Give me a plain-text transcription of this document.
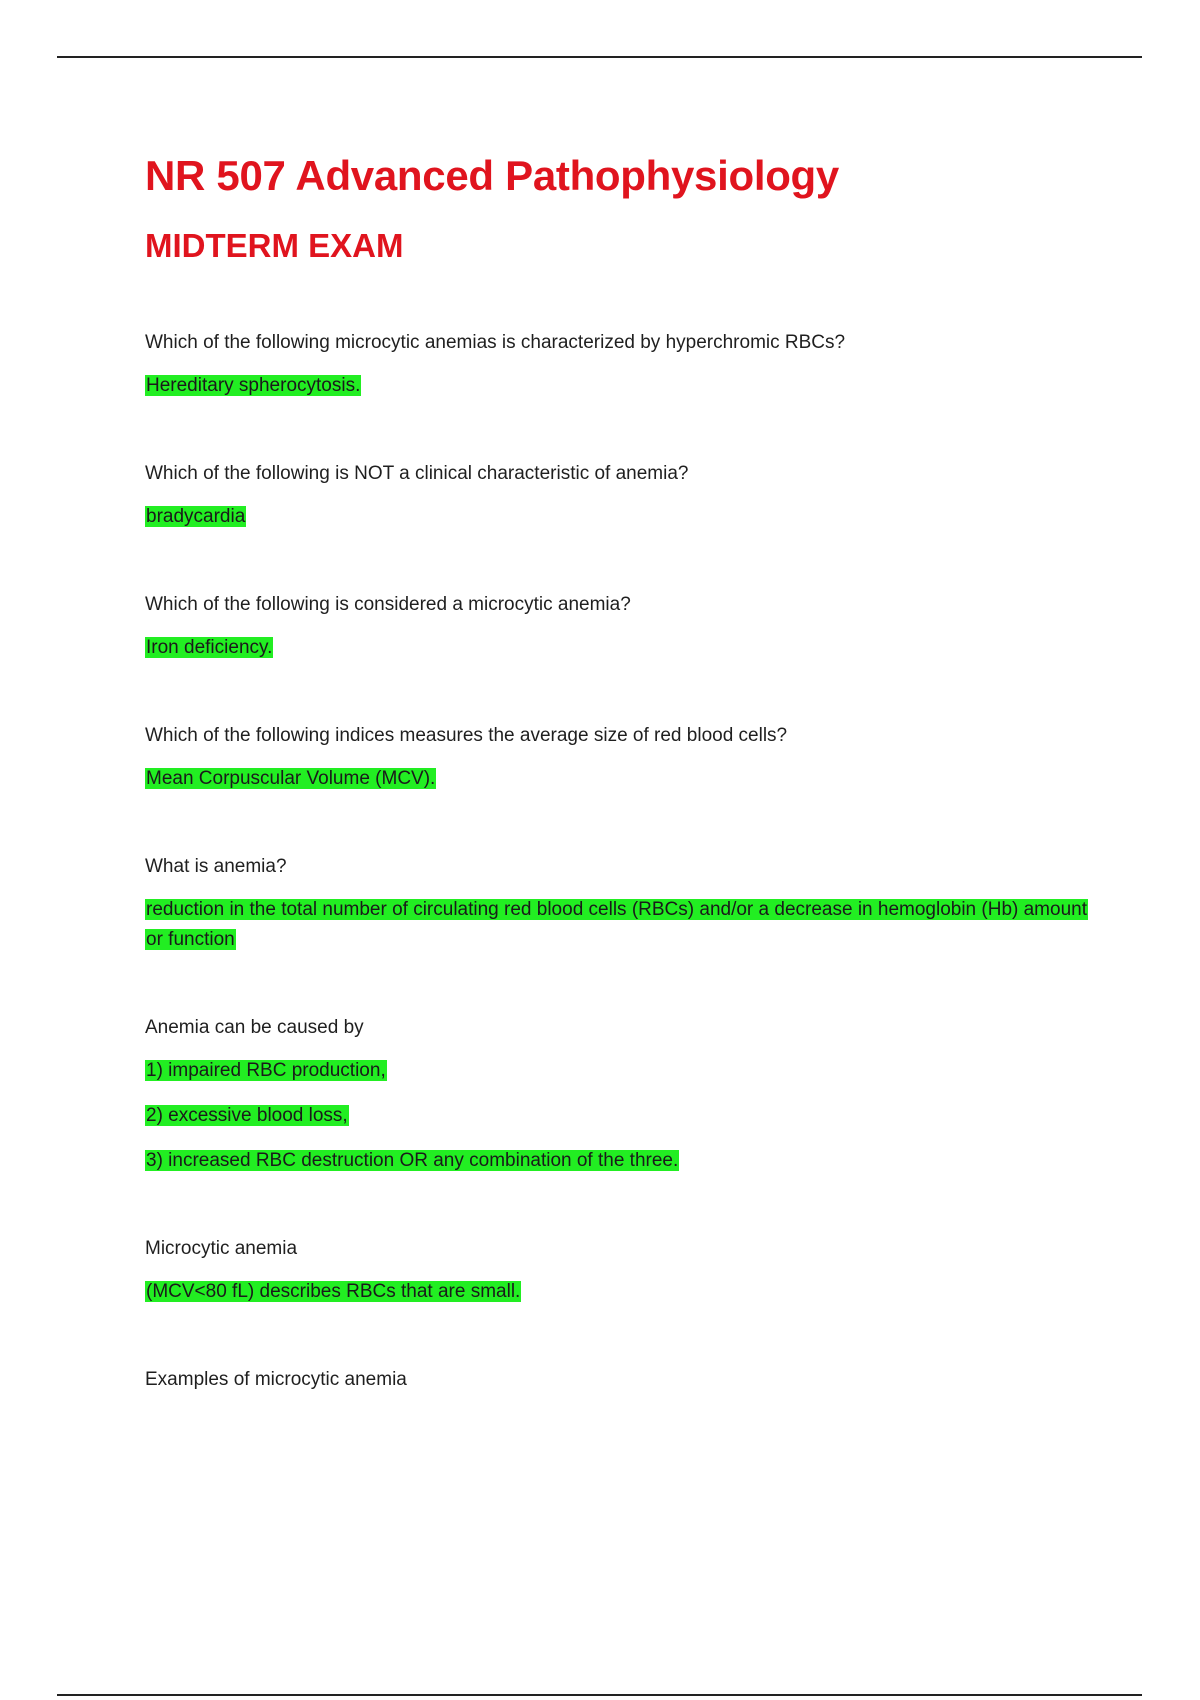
NR 507 Advanced Pathophysiology
MIDTERM EXAM

Which of the following microcytic anemias is characterized by hyperchromic RBCs?

Hereditary spherocytosis.

Which of the following is NOT a clinical characteristic of anemia?

bradycardia

Which of the following is considered a microcytic anemia?

Iron deficiency.

Which of the following indices measures the average size of red blood cells?

Mean Corpuscular Volume (MCV).

What is anemia?

reduction in the total number of circulating red blood cells (RBCs) and/or a decrease in hemoglobin (Hb) amount or function

Anemia can be caused by

1) impaired RBC production,

2) excessive blood loss,

3) increased RBC destruction OR any combination of the three.

Microcytic anemia

(MCV<80 fL) describes RBCs that are small.

Examples of microcytic anemia
